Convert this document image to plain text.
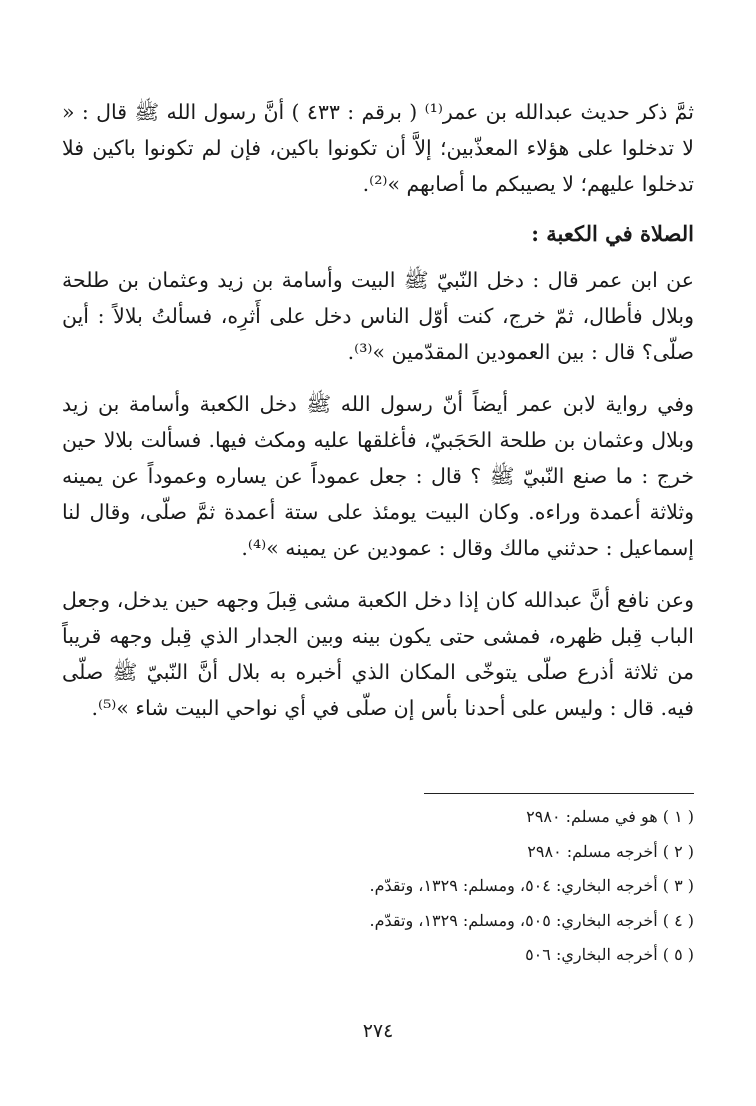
ثمَّ ذكر حديث عبدالله بن عمر⁽¹⁾ ( برقم : ٤٣٣ ) أنَّ رسول الله ﷺ قال : « لا تدخلوا على هؤلاء المعذّبين؛ إلاَّ أن تكونوا باكين، فإن لم تكونوا باكين فلا تدخلوا عليهم؛ لا يصيبكم ما أصابهم »⁽²⁾.

الصلاة في الكعبة :

عن ابن عمر قال : دخل النّبيّ ﷺ البيت وأسامة بن زيد وعثمان بن طلحة وبلال فأطال، ثمّ خرج، كنت أوّل الناس دخل على أَثرِه، فسألتُ بلالاً : أين صلّى؟ قال : بين العمودين المقدّمين »⁽³⁾.

وفي رواية لابن عمر أيضاً أنّ رسول الله ﷺ دخل الكعبة وأسامة بن زيد وبلال وعثمان بن طلحة الحَجَبيّ، فأغلقها عليه ومكث فيها. فسألت بلالا حين خرج : ما صنع النّبيّ ﷺ ؟ قال : جعل عموداً عن يساره وعموداً عن يمينه وثلاثة أعمدة وراءه. وكان البيت يومئذ على ستة أعمدة ثمَّ صلّى، وقال لنا إسماعيل : حدثني مالك وقال : عمودين عن يمينه »⁽⁴⁾.

وعن نافع أنَّ عبدالله كان إذا دخل الكعبة مشى قِبلَ وجهه حين يدخل، وجعل الباب قِبل ظهره، فمشى حتى يكون بينه وبين الجدار الذي قِبل وجهه قريباً من ثلاثة أذرع صلّى يتوخّى المكان الذي أخبره به بلال أنَّ النّبيّ ﷺ صلّى فيه. قال : وليس على أحدنا بأس إن صلّى في أي نواحي البيت شاء »⁽⁵⁾.

( ١ ) هو في مسلم: ٢٩٨٠
( ٢ ) أخرجه مسلم: ٢٩٨٠
( ٣ ) أخرجه البخاري: ٥٠٤، ومسلم: ١٣٢٩، وتقدّم.
( ٤ ) أخرجه البخاري: ٥٠٥، ومسلم: ١٣٢٩، وتقدّم.
( ٥ ) أخرجه البخاري: ٥٠٦
٢٧٤
